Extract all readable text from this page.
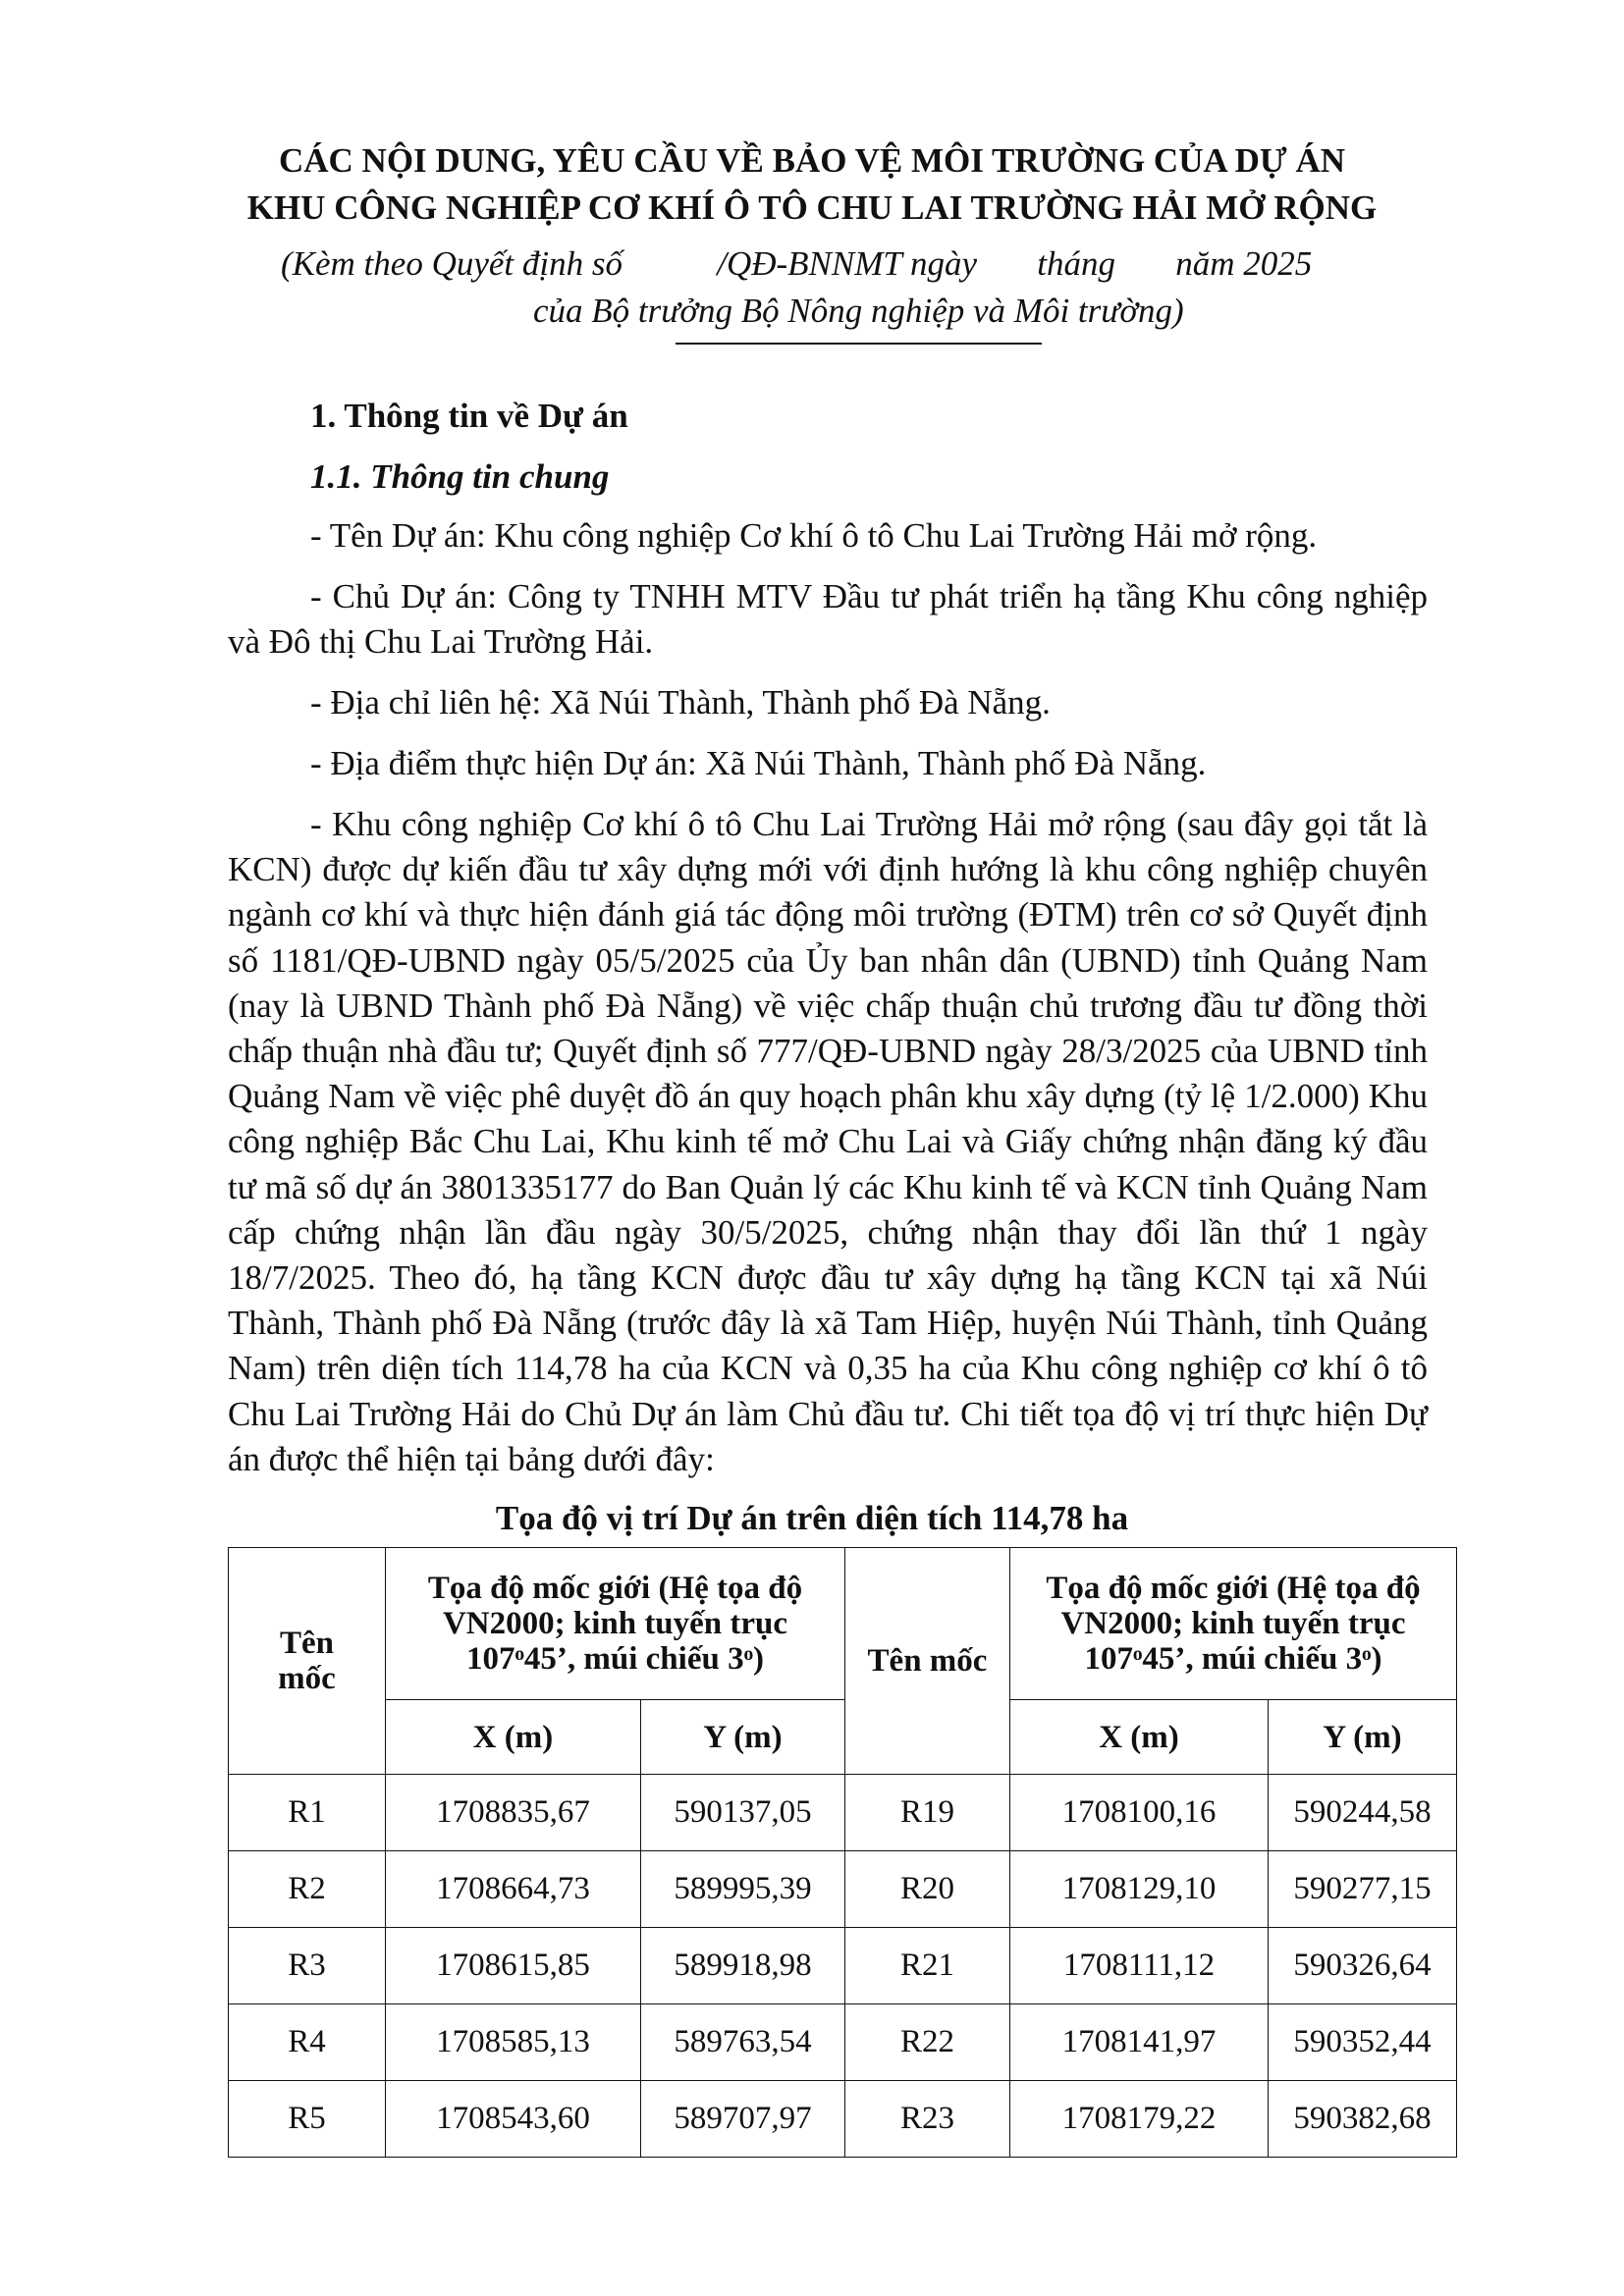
CÁC NỘI DUNG, YÊU CẦU VỀ BẢO VỆ MÔI TRƯỜNG CỦA DỰ ÁN
KHU CÔNG NGHIỆP CƠ KHÍ Ô TÔ CHU LAI TRƯỜNG HẢI MỞ RỘNG
(Kèm theo Quyết định số           /QĐ-BNNMT ngày       tháng       năm 2025
của Bộ trưởng Bộ Nông nghiệp và Môi trường)
1. Thông tin về Dự án
1.1. Thông tin chung
- Tên Dự án: Khu công nghiệp Cơ khí ô tô Chu Lai Trường Hải mở rộng.
- Chủ Dự án: Công ty TNHH MTV Đầu tư phát triển hạ tầng Khu công nghiệp và Đô thị Chu Lai Trường Hải.
- Địa chỉ liên hệ: Xã Núi Thành, Thành phố Đà Nẵng.
- Địa điểm thực hiện Dự án: Xã Núi Thành, Thành phố Đà Nẵng.
- Khu công nghiệp Cơ khí ô tô Chu Lai Trường Hải mở rộng (sau đây gọi tắt là KCN) được dự kiến đầu tư xây dựng mới với định hướng là khu công nghiệp chuyên ngành cơ khí và thực hiện đánh giá tác động môi trường (ĐTM) trên cơ sở Quyết định số 1181/QĐ-UBND ngày 05/5/2025 của Ủy ban nhân dân (UBND) tỉnh Quảng Nam (nay là UBND Thành phố Đà Nẵng) về việc chấp thuận chủ trương đầu tư đồng thời chấp thuận nhà đầu tư; Quyết định số 777/QĐ-UBND ngày 28/3/2025 của UBND tỉnh Quảng Nam về việc phê duyệt đồ án quy hoạch phân khu xây dựng (tỷ lệ 1/2.000) Khu công nghiệp Bắc Chu Lai, Khu kinh tế mở Chu Lai và Giấy chứng nhận đăng ký đầu tư mã số dự án 3801335177 do Ban Quản lý các Khu kinh tế và KCN tỉnh Quảng Nam cấp chứng nhận lần đầu ngày 30/5/2025, chứng nhận thay đổi lần thứ 1 ngày 18/7/2025. Theo đó, hạ tầng KCN được đầu tư xây dựng hạ tầng KCN tại xã Núi Thành, Thành phố Đà Nẵng (trước đây là xã Tam Hiệp, huyện Núi Thành, tỉnh Quảng Nam) trên diện tích 114,78 ha của KCN và 0,35 ha của Khu công nghiệp cơ khí ô tô Chu Lai Trường Hải do Chủ Dự án làm Chủ đầu tư. Chi tiết tọa độ vị trí thực hiện Dự án được thể hiện tại bảng dưới đây:
Tọa độ vị trí Dự án trên diện tích 114,78 ha
Tên mốc	Tọa độ mốc giới (Hệ tọa độ VN2000; kinh tuyến trục 107ᵒ45’, múi chiếu 3ᵒ)		Tên mốc	Tọa độ mốc giới (Hệ tọa độ VN2000; kinh tuyến trục 107ᵒ45’, múi chiếu 3ᵒ)	
	X (m)	Y (m)		X (m)	Y (m)
R1	1708835,67	590137,05	R19	1708100,16	590244,58
R2	1708664,73	589995,39	R20	1708129,10	590277,15
R3	1708615,85	589918,98	R21	1708111,12	590326,64
R4	1708585,13	589763,54	R22	1708141,97	590352,44
R5	1708543,60	589707,97	R23	1708179,22	590382,68
